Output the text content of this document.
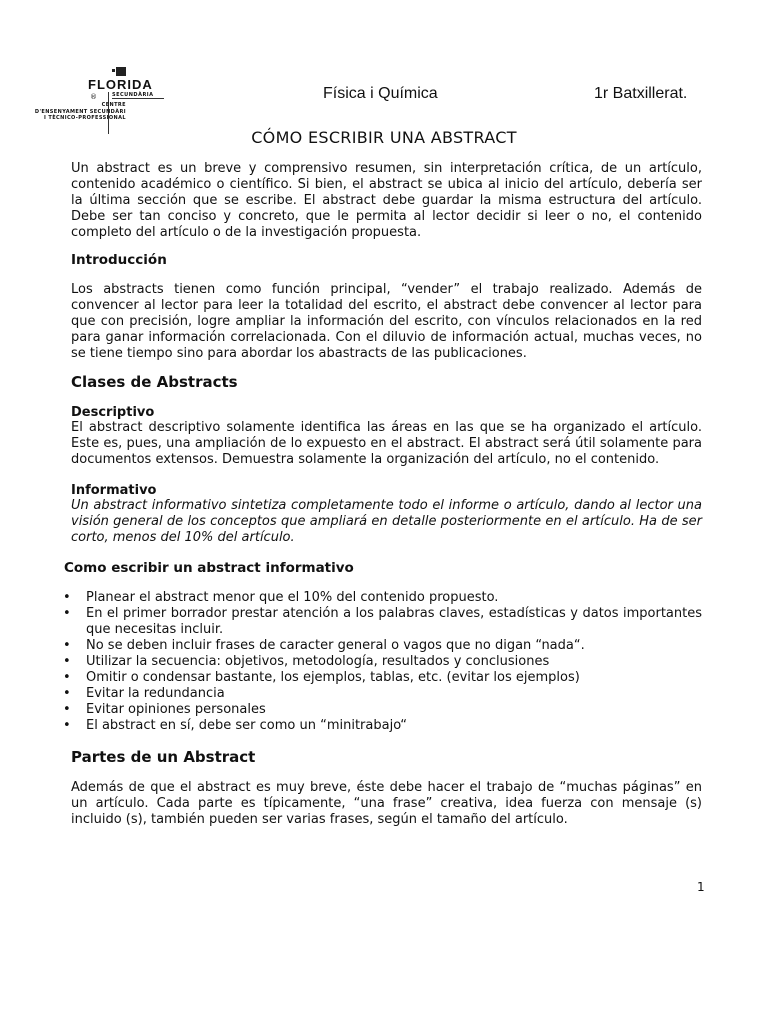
FLORIDA
®	SECUNDÀRIA
CENTRE
D'ENSENYAMENT SECUNDÀRI
I TÈCNICO-PROFESSIONAL
Física i Química	1r Batxillerat.
CÓMO ESCRIBIR UNA ABSTRACT

Un abstract es un breve y comprensivo resumen, sin interpretación crítica, de un artículo, contenido académico o científico. Si bien, el abstract se ubica al inicio del artículo, debería ser la última sección que se escribe. El abstract debe guardar la misma estructura del artículo. Debe ser tan conciso y concreto, que le permita al lector decidir si leer o no, el contenido completo del artículo o de la investigación propuesta.

Introducción

Los abstracts tienen como función principal, “vender” el trabajo realizado. Además de convencer al lector para leer la totalidad del escrito, el abstract debe convencer al lector para que con precisión, logre ampliar la información del escrito, con vínculos relacionados en la red para ganar información correlacionada. Con el diluvio de información actual, muchas veces, no se tiene tiempo sino para abordar los abastracts de las publicaciones.

Clases de Abstracts
Descriptivo

El abstract descriptivo solamente identifica las áreas en las que se ha organizado el artículo. Este es, pues, una ampliación de lo expuesto en el abstract. El abstract será útil solamente para documentos extensos. Demuestra solamente la organización del artículo, no el contenido.

Informativo

Un abstract informativo sintetiza completamente todo el informe o artículo, dando al lector una visión general de los conceptos que ampliará en detalle posteriormente en el artículo. Ha de ser corto, menos del 10% del artículo.

Como escribir un abstract informativo
• Planear el abstract menor que el 10% del contenido propuesto.
• En el primer borrador prestar atención a los palabras claves, estadísticas y datos importantes que necesitas incluir.
• No se deben incluir frases de caracter general o vagos que no digan “nada“.
• Utilizar la secuencia: objetivos, metodología, resultados y conclusiones
• Omitir o condensar bastante, los ejemplos, tablas, etc. (evitar los ejemplos)
• Evitar la redundancia
• Evitar opiniones personales
• El abstract en sí, debe ser como un “minitrabajo“
Partes de un Abstract

Además de que el abstract es muy breve, éste debe hacer el trabajo de “muchas páginas” en un artículo. Cada parte es típicamente, “una frase” creativa, idea fuerza con mensaje (s) incluido (s), también pueden ser varias frases, según el tamaño del artículo.

1
